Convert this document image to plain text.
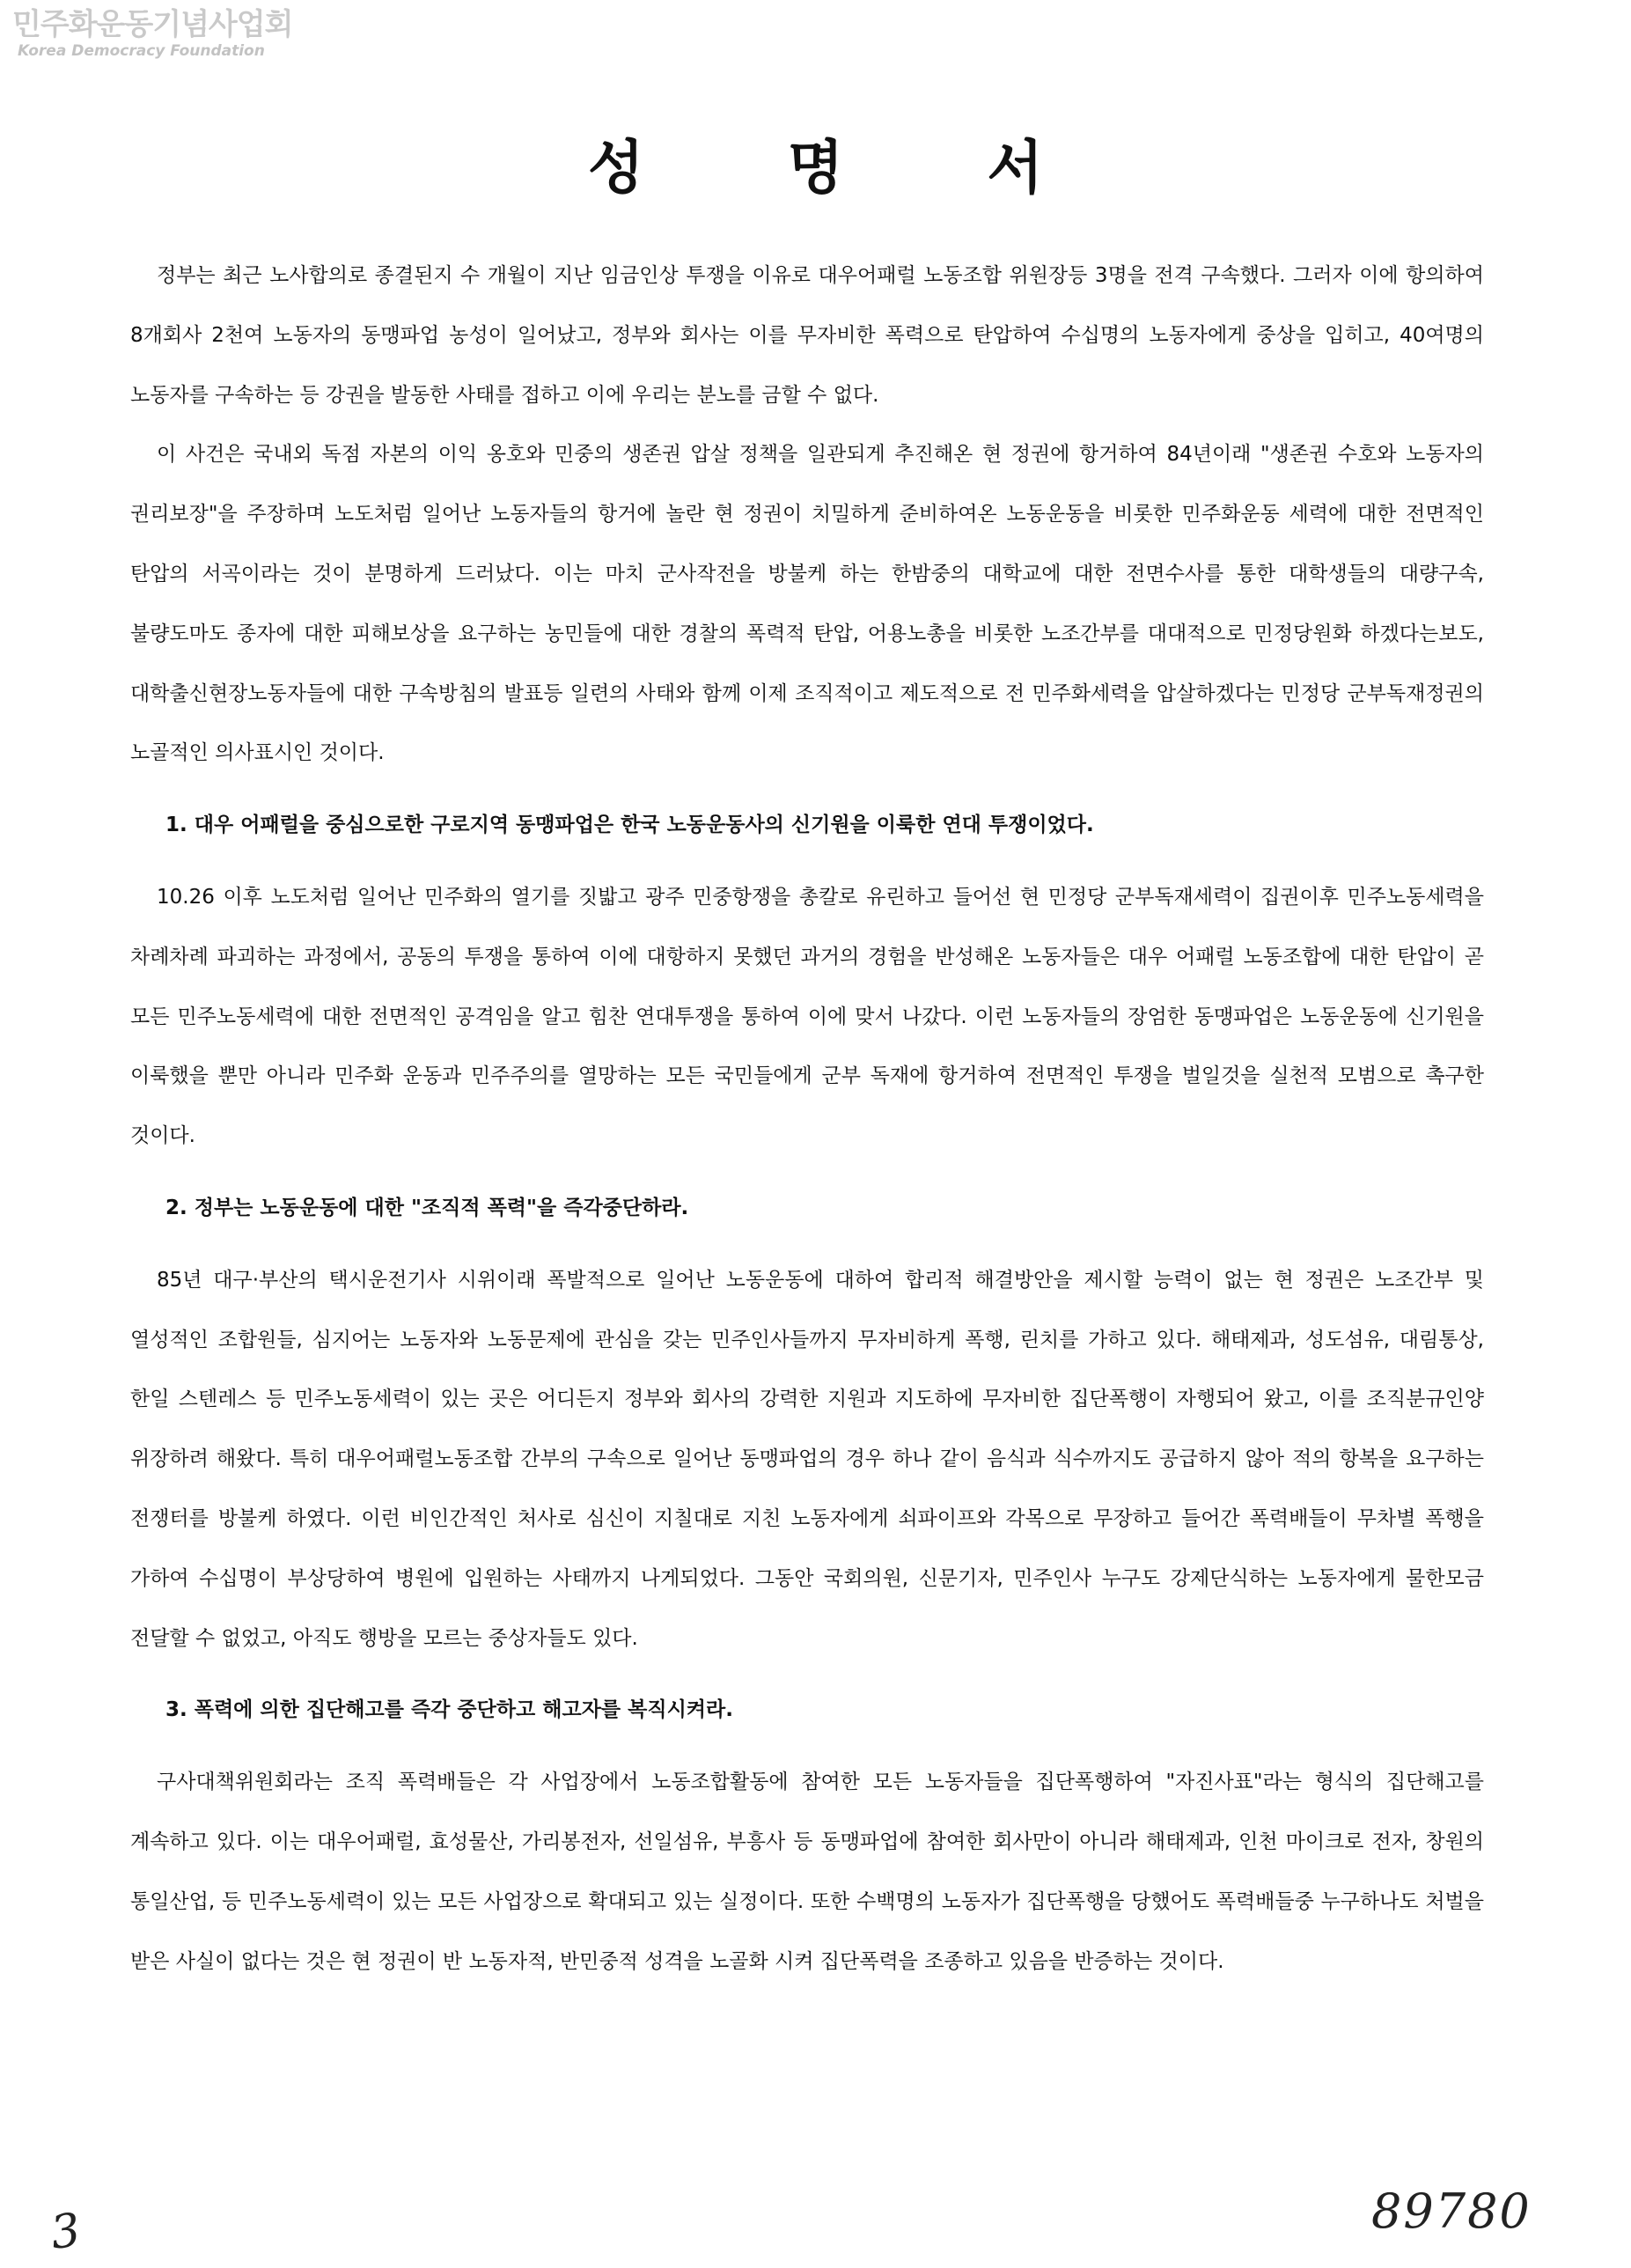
민주화운동기념사업회
Korea Democracy Foundation
성 명 서

정부는 최근 노사합의로 종결된지 수 개월이 지난 임금인상 투쟁을 이유로 대우어패럴 노동조합 위원장등 3명을 전격 구속했다. 그러자 이에 항의하여 8개회사 2천여 노동자의 동맹파업 농성이 일어났고, 정부와 회사는 이를 무자비한 폭력으로 탄압하여 수십명의 노동자에게 중상을 입히고, 40여명의 노동자를 구속하는 등 강권을 발동한 사태를 접하고 이에 우리는 분노를 금할 수 없다.

이 사건은 국내외 독점 자본의 이익 옹호와 민중의 생존권 압살 정책을 일관되게 추진해온 현 정권에 항거하여 84년이래 "생존권 수호와 노동자의 권리보장"을 주장하며 노도처럼 일어난 노동자들의 항거에 놀란 현 정권이 치밀하게 준비하여온 노동운동을 비롯한 민주화운동 세력에 대한 전면적인 탄압의 서곡이라는 것이 분명하게 드러났다. 이는 마치 군사작전을 방불케 하는 한밤중의 대학교에 대한 전면수사를 통한 대학생들의 대량구속, 불량도마도 종자에 대한 피해보상을 요구하는 농민들에 대한 경찰의 폭력적 탄압, 어용노총을 비롯한 노조간부를 대대적으로 민정당원화 하겠다는보도, 대학출신현장노동자들에 대한 구속방침의 발표등 일련의 사태와 함께 이제 조직적이고 제도적으로 전 민주화세력을 압살하겠다는 민정당 군부독재정권의 노골적인 의사표시인 것이다.

1. 대우 어패럴을 중심으로한 구로지역 동맹파업은 한국 노동운동사의 신기원을 이룩한 연대 투쟁이었다.

10.26 이후 노도처럼 일어난 민주화의 열기를 짓밟고 광주 민중항쟁을 총칼로 유린하고 들어선 현 민정당 군부독재세력이 집권이후 민주노동세력을 차례차례 파괴하는 과정에서, 공동의 투쟁을 통하여 이에 대항하지 못했던 과거의 경험을 반성해온 노동자들은 대우 어패럴 노동조합에 대한 탄압이 곧 모든 민주노동세력에 대한 전면적인 공격임을 알고 힘찬 연대투쟁을 통하여 이에 맞서 나갔다. 이런 노동자들의 장엄한 동맹파업은 노동운동에 신기원을 이룩했을 뿐만 아니라 민주화 운동과 민주주의를 열망하는 모든 국민들에게 군부 독재에 항거하여 전면적인 투쟁을 벌일것을 실천적 모범으로 촉구한 것이다.

2. 정부는 노동운동에 대한 "조직적 폭력"을 즉각중단하라.

85년 대구·부산의 택시운전기사 시위이래 폭발적으로 일어난 노동운동에 대하여 합리적 해결방안을 제시할 능력이 없는 현 정권은 노조간부 및 열성적인 조합원들, 심지어는 노동자와 노동문제에 관심을 갖는 민주인사들까지 무자비하게 폭행, 린치를 가하고 있다. 해태제과, 성도섬유, 대림통상, 한일 스텐레스 등 민주노동세력이 있는 곳은 어디든지 정부와 회사의 강력한 지원과 지도하에 무자비한 집단폭행이 자행되어 왔고, 이를 조직분규인양 위장하려 해왔다. 특히 대우어패럴노동조합 간부의 구속으로 일어난 동맹파업의 경우 하나 같이 음식과 식수까지도 공급하지 않아 적의 항복을 요구하는 전쟁터를 방불케 하였다. 이런 비인간적인 처사로 심신이 지칠대로 지친 노동자에게 쇠파이프와 각목으로 무장하고 들어간 폭력배들이 무차별 폭행을 가하여 수십명이 부상당하여 병원에 입원하는 사태까지 나게되었다. 그동안 국회의원, 신문기자, 민주인사 누구도 강제단식하는 노동자에게 물한모금 전달할 수 없었고, 아직도 행방을 모르는 중상자들도 있다.

3. 폭력에 의한 집단해고를 즉각 중단하고 해고자를 복직시켜라.

구사대책위원회라는 조직 폭력배들은 각 사업장에서 노동조합활동에 참여한 모든 노동자들을 집단폭행하여 "자진사표"라는 형식의 집단해고를 계속하고 있다. 이는 대우어패럴, 효성물산, 가리봉전자, 선일섬유, 부흥사 등 동맹파업에 참여한 회사만이 아니라 해태제과, 인천 마이크로 전자, 창원의 통일산업, 등 민주노동세력이 있는 모든 사업장으로 확대되고 있는 실정이다. 또한 수백명의 노동자가 집단폭행을 당했어도 폭력배들중 누구하나도 처벌을 받은 사실이 없다는 것은 현 정권이 반 노동자적, 반민중적 성격을 노골화 시켜 집단폭력을 조종하고 있음을 반증하는 것이다.

3	89780
